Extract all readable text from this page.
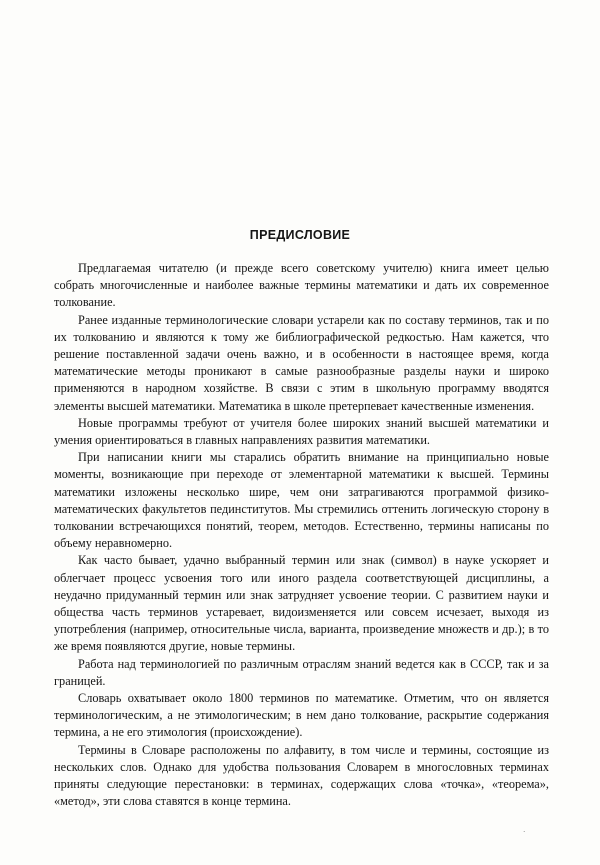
ПРЕДИСЛОВИЕ

Предлагаемая читателю (и прежде всего советскому учителю) книга имеет целью собрать многочисленные и наиболее важные термины математики и дать их современное толкование.

Ранее изданные терминологические словари устарели как по составу терминов, так и по их толкованию и являются к тому же библиографической редкостью. Нам кажется, что решение поставленной задачи очень важно, и в особенности в настоящее время, когда математические методы проникают в самые разнообразные разделы науки и широко применяются в народном хозяйстве. В связи с этим в школьную программу вводятся элементы высшей математики. Математика в школе претерпевает качественные изменения.

Новые программы требуют от учителя более широких знаний высшей математики и умения ориентироваться в главных направлениях развития математики.

При написании книги мы старались обратить внимание на принципиально новые моменты, возникающие при переходе от элементарной математики к высшей. Термины математики изложены несколько шире, чем они затрагиваются программой физико-математических факультетов пединститутов. Мы стремились оттенить логическую сторону в толковании встречающихся понятий, теорем, методов. Естественно, термины написаны по объему неравномерно.

Как часто бывает, удачно выбранный термин или знак (символ) в науке ускоряет и облегчает процесс усвоения того или иного раздела соответствующей дисциплины, а неудачно придуманный термин или знак затрудняет усвоение теории. С развитием науки и общества часть терминов устаревает, видоизменяется или совсем исчезает, выходя из употребления (например, относительные числа, варианта, произведение множеств и др.); в то же время появляются другие, новые термины.

Работа над терминологией по различным отраслям знаний ведется как в СССР, так и за границей.

Словарь охватывает около 1800 терминов по математике. Отметим, что он является терминологическим, а не этимологическим; в нем дано толкование, раскрытие содержания термина, а не его этимология (происхождение).

Термины в Словаре расположены по алфавиту, в том числе и термины, состоящие из нескольких слов. Однако для удобства пользования Словарем в многословных терминах приняты следующие перестановки: в терминах, содержащих слова «точка», «теорема», «метод», эти слова ставятся в конце термина.

·
